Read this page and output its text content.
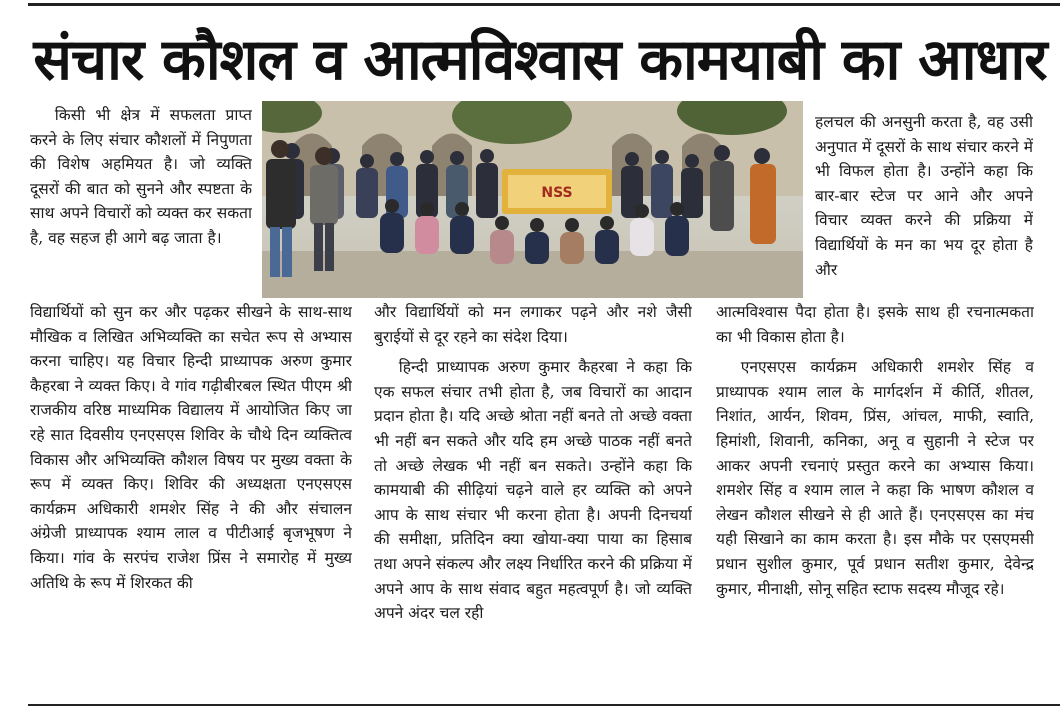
संचार कौशल व आत्मविश्वास कामयाबी का आधार

किसी भी क्षेत्र में सफलता प्राप्त करने के लिए संचार कौशलों में निपुणता की विशेष अहमियत है। जो व्यक्ति दूसरों की बात को सुनने और स्पष्टता के साथ अपने विचारों को व्यक्त कर सकता है, वह सहज ही आगे बढ़ जाता है।

विद्यार्थियों को सुन कर और पढ़कर सीखने के साथ-साथ मौखिक व लिखित अभिव्यक्ति का सचेत रूप से अभ्यास करना चाहिए। यह विचार हिन्दी प्राध्यापक अरुण कुमार कैहरबा ने व्यक्त किए। वे गांव गढ़ीबीरबल स्थित पीएम श्री राजकीय वरिष्ठ माध्यमिक विद्यालय में आयोजित किए जा रहे सात दिवसीय एनएसएस शिविर के चौथे दिन व्यक्तित्व विकास और अभिव्यक्ति कौशल विषय पर मुख्य वक्ता के रूप में व्यक्त किए। शिविर की अध्यक्षता एनएसएस कार्यक्रम अधिकारी शमशेर सिंह ने की और संचालन अंग्रेजी प्राध्यापक श्याम लाल व पीटीआई बृजभूषण ने किया। गांव के सरपंच राजेश प्रिंस ने समारोह में मुख्य अतिथि के रूप में शिरकत की

NSS

और विद्यार्थियों को मन लगाकर पढ़ने और नशे जैसी बुराईयों से दूर रहने का संदेश दिया।

हिन्दी प्राध्यापक अरुण कुमार कैहरबा ने कहा कि एक सफल संचार तभी होता है, जब विचारों का आदान प्रदान होता है। यदि अच्छे श्रोता नहीं बनते तो अच्छे वक्ता भी नहीं बन सकते और यदि हम अच्छे पाठक नहीं बनते तो अच्छे लेखक भी नहीं बन सकते। उन्होंने कहा कि कामयाबी की सीढ़ियां चढ़ने वाले हर व्यक्ति को अपने आप के साथ संचार भी करना होता है। अपनी दिनचर्या की समीक्षा, प्रतिदिन क्या खोया-क्या पाया का हिसाब तथा अपने संकल्प और लक्ष्य निर्धारित करने की प्रक्रिया में अपने आप के साथ संवाद बहुत महत्वपूर्ण है। जो व्यक्ति अपने अंदर चल रही

हलचल की अनसुनी करता है, वह उसी अनुपात में दूसरों के साथ संचार करने में भी विफल होता है। उन्होंने कहा कि बार-बार स्टेज पर आने और अपने विचार व्यक्त करने की प्रक्रिया में विद्यार्थियों के मन का भय दूर होता है और

आत्मविश्वास पैदा होता है। इसके साथ ही रचनात्मकता का भी विकास होता है।

एनएसएस कार्यक्रम अधिकारी शमशेर सिंह व प्राध्यापक श्याम लाल के मार्गदर्शन में कीर्ति, शीतल, निशांत, आर्यन, शिवम, प्रिंस, आंचल, माफी, स्वाति, हिमांशी, शिवानी, कनिका, अनू व सुहानी ने स्टेज पर आकर अपनी रचनाएं प्रस्तुत करने का अभ्यास किया। शमशेर सिंह व श्याम लाल ने कहा कि भाषण कौशल व लेखन कौशल सीखने से ही आते हैं। एनएसएस का मंच यही सिखाने का काम करता है। इस मौके पर एसएमसी प्रधान सुशील कुमार, पूर्व प्रधान सतीश कुमार, देवेन्द्र कुमार, मीनाक्षी, सोनू सहित स्टाफ सदस्य मौजूद रहे।
